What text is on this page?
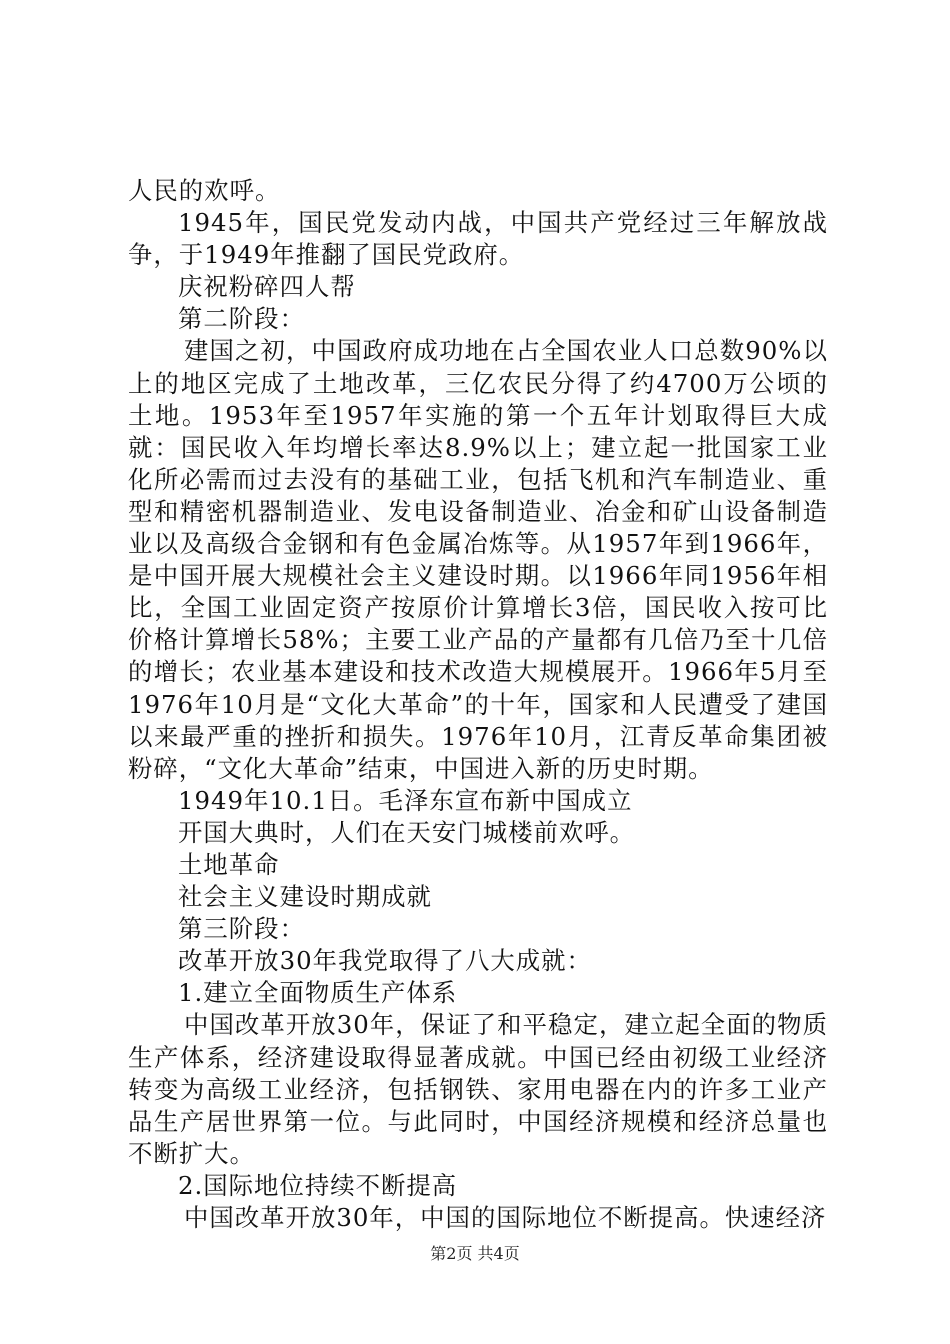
人民的欢呼。

1945年，国民党发动内战，中国共产党经过三年解放战争，于1949年推翻了国民党政府。

庆祝粉碎四人帮

第二阶段：

建国之初，中国政府成功地在占全国农业人口总数90%以上的地区完成了土地改革，三亿农民分得了约4700万公顷的土地。1953年至1957年实施的第一个五年计划取得巨大成就：国民收入年均增长率达8.9%以上；建立起一批国家工业化所必需而过去没有的基础工业，包括飞机和汽车制造业、重型和精密机器制造业、发电设备制造业、冶金和矿山设备制造业以及高级合金钢和有色金属冶炼等。从1957年到1966年，是中国开展大规模社会主义建设时期。以1966年同1956年相比，全国工业固定资产按原价计算增长3倍，国民收入按可比价格计算增长58%；主要工业产品的产量都有几倍乃至十几倍的增长；农业基本建设和技术改造大规模展开。1966年5月至1976年10月是“文化大革命”的十年，国家和人民遭受了建国以来最严重的挫折和损失。1976年10月，江青反革命集团被粉碎，“文化大革命”结束，中国进入新的历史时期。

1949年10.1日。毛泽东宣布新中国成立

开国大典时，人们在天安门城楼前欢呼。

土地革命

社会主义建设时期成就

第三阶段：

改革开放30年我党取得了八大成就：

1.建立全面物质生产体系

中国改革开放30年，保证了和平稳定，建立起全面的物质生产体系，经济建设取得显著成就。中国已经由初级工业经济转变为高级工业经济，包括钢铁、家用电器在内的许多工业产品生产居世界第一位。与此同时，中国经济规模和经济总量也不断扩大。

2.国际地位持续不断提高

中国改革开放30年，中国的国际地位不断提高。快速经济

第2页 共4页
